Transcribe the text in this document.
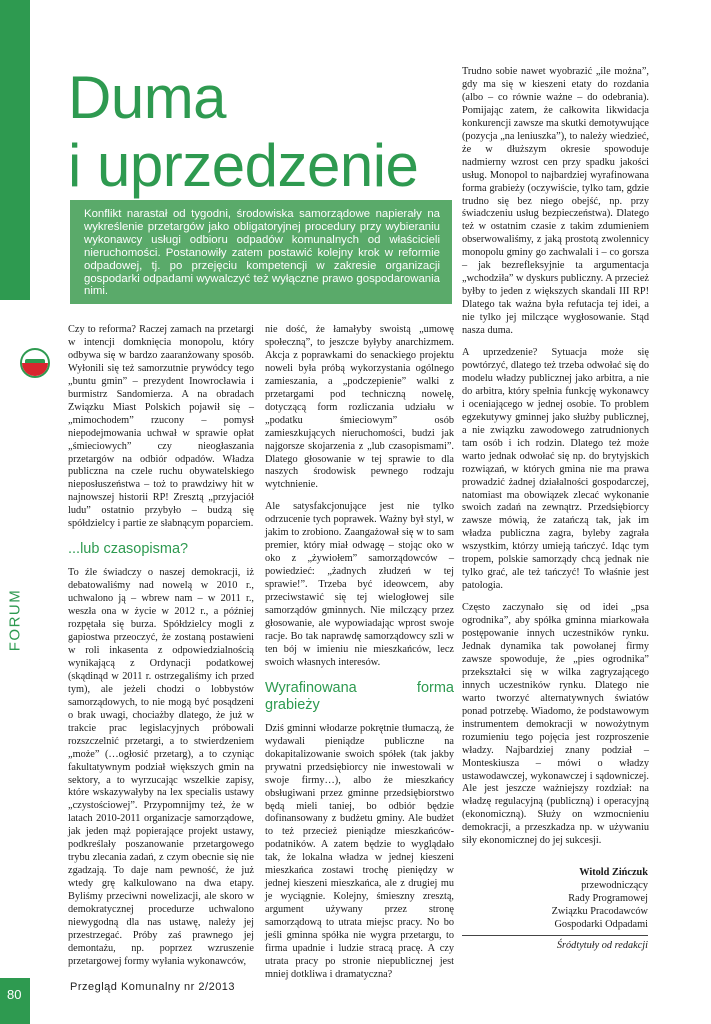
FORUM
Duma
i uprzedzenie
Konflikt narastał od tygodni, środowiska samorządowe napierały na wykreślenie przetargów jako obligatoryjnej procedury przy wybieraniu wykonawcy usługi odbioru odpadów komunalnych od właścicieli nieruchomości. Postanowiły zatem postawić kolejny krok w reformie odpadowej, tj. po przejęciu kompetencji w zakresie organizacji gospodarki odpadami wywalczyć też wyłączne prawo gospodarowania nimi.

Czy to reforma? Raczej zamach na przetargi w intencji domknięcia monopolu, który odbywa się w bardzo zaaranżowany sposób. Wyłonili się też samorzutnie prywódcy tego „buntu gmin” – prezydent Inowrocławia i burmistrz Sandomierza. A na obradach Związku Miast Polskich pojawił się – „mimochodem” rzucony – pomysł niepodejmowania uchwał w sprawie opłat „śmieciowych” czy nieogłaszania przetargów na odbiór odpadów. Władza publiczna na czele ruchu obywatelskiego nieposłuszeństwa – toż to prawdziwy hit w najnowszej historii RP! Zresztą „przyjaciół ludu” ostatnio przybyło – budzą się spółdzielcy i partie ze słabnącym poparciem.

...lub czasopisma?

To źle świadczy o naszej demokracji, iż debatowaliśmy nad nowelą w 2010 r., uchwalono ją – wbrew nam – w 2011 r., weszła ona w życie w 2012 r., a później rozpętała się burza. Spółdzielcy mogli z gapiostwa przeoczyć, że zostaną postawieni w roli inkasenta z odpowiedzialnością wynikającą z Ordynacji podatkowej (skądinąd w 2011 r. ostrzegaliśmy ich przed tym), ale jeżeli chodzi o lobbystów samorządowych, to nie mogą być posądzeni o brak uwagi, chociażby dlatego, że już w trakcie prac legislacyjnych próbowali rozszczelnić przetargi, a to stwierdzeniem „może” (…ogłosić przetarg), a to czyniąc fakultatywnym podział większych gmin na sektory, a to wyrzucając wszelkie zapisy, które wskazywałyby na lex specialis ustawy „czystościowej”. Przypomnijmy też, że w latach 2010-2011 organizacje samorządowe, jak jeden mąż popierające projekt ustawy, podkreślały poszanowanie przetargowego trybu zlecania zadań, z czym obecnie się nie zgadzają. To daje nam pewność, że już wtedy grę kalkulowano na dwa etapy. Byliśmy przeciwni nowelizacji, ale skoro w demokratycznej procedurze uchwalono niewygodną dla nas ustawę, należy jej przestrzegać. Próby zaś prawnego jej demontażu, np. poprzez wzruszenie przetargowej formy wyłania wykonawców,

nie dość, że łamałyby swoistą „umowę społeczną”, to jeszcze byłyby anarchizmem. Akcja z poprawkami do senackiego projektu noweli była próbą wykorzystania ogólnego zamieszania, a „podczepienie” walki z przetargami pod techniczną nowelę, dotyczącą form rozliczania udziału w „podatku śmieciowym” osób zamieszkujących nieruchomości, budzi jak najgorsze skojarzenia z „lub czasopismami”. Dlatego głosowanie w tej sprawie to dla naszych środowisk pewnego rodzaju wytchnienie.

Ale satysfakcjonujące jest nie tylko odrzucenie tych poprawek. Ważny był styl, w jakim to zrobiono. Zaangażował się w to sam premier, który miał odwagę – stojąc oko w oko z „żywiołem” samorządowców – powiedzieć: „żadnych złudzeń w tej sprawie!”. Trzeba być ideowcem, aby przeciwstawić się tej wielogłowej sile samorządów gminnych. Nie milczący przez głosowanie, ale wypowiadając wprost swoje racje. Bo tak naprawdę samorządowcy szli w ten bój w imieniu nie mieszkańców, lecz swoich własnych interesów.

Wyrafinowana forma grabieży

Dziś gminni włodarze pokrętnie tłumaczą, że wydawali pieniądze publiczne na dokapitalizowanie swoich spółek (tak jakby prywatni przedsiębiorcy nie inwestowali w swoje firmy…), albo że mieszkańcy obsługiwani przez gminne przedsiębiorstwo będą mieli taniej, bo odbiór będzie dofinansowany z budżetu gminy. Ale budżet to też przecież pieniądze mieszkańców-podatników. A zatem będzie to wyglądało tak, że lokalna władza w jednej kieszeni mieszkańca zostawi trochę pieniędzy w jednej kieszeni mieszkańca, ale z drugiej mu je wyciągnie. Kolejny, śmieszny zresztą, argument używany przez stronę samorządową to utrata miejsc pracy. No bo jeśli gminna spółka nie wygra przetargu, to firma upadnie i ludzie stracą pracę. A czy utrata pracy po stronie niepublicznej jest mniej dotkliwa i dramatyczna?

Trudno sobie nawet wyobrazić „ile można”, gdy ma się w kieszeni etaty do rozdania (albo – co równie ważne – do odebrania). Pomijając zatem, że całkowita likwidacja konkurencji zawsze ma skutki demotywujące (pozycja „na leniuszka”), to należy wiedzieć, że w dłuższym okresie spowoduje nadmierny wzrost cen przy spadku jakości usług. Monopol to najbardziej wyrafinowana forma grabieży (oczywiście, tylko tam, gdzie trudno się bez niego obejść, np. przy świadczeniu usług bezpieczeństwa). Dlatego też w ostatnim czasie z takim zdumieniem obserwowaliśmy, z jaką prostotą zwolennicy monopolu gminy go zachwalali i – co gorsza – jak bezrefleksyjnie ta argumentacja „wchodziła” w dyskurs publiczny. A przecież byłby to jeden z większych skandali III RP! Dlatego tak ważna była refutacja tej idei, a nie tylko jej milczące wygłosowanie. Stąd nasza duma.

A uprzedzenie? Sytuacja może się powtórzyć, dlatego też trzeba odwołać się do modelu władzy publicznej jako arbitra, a nie do arbitra, który spełnia funkcję wykonawcy i oceniającego w jednej osobie. To problem egzekutywy gminnej jako służby publicznej, a nie związku zawodowego zatrudnionych tam osób i ich rodzin. Dlatego też może warto jednak odwołać się np. do brytyjskich rozwiązań, w których gmina nie ma prawa prowadzić żadnej działalności gospodarczej, natomiast ma obowiązek zlecać wykonanie swoich zadań na zewnątrz. Przedsiębiorcy zawsze mówią, że zatańczą tak, jak im władza publiczna zagra, byleby zagrała wszystkim, którzy umieją tańczyć. Idąc tym tropem, polskie samorządy chcą jednak nie tylko grać, ale też tańczyć! To właśnie jest patologia.

Często zaczynało się od idei „psa ogrodnika”, aby spółka gminna miarkowała postępowanie innych uczestników rynku. Jednak dynamika tak powołanej firmy zawsze spowoduje, że „pies ogrodnika” przekształci się w wilka zagryzającego innych uczestników rynku. Dlatego nie warto tworzyć alternatywnych światów ponad potrzebę. Wiadomo, że podstawowym instrumentem demokracji w nowożytnym rozumieniu tego pojęcia jest rozproszenie władzy. Najbardziej znany podział – Monteskiusza – mówi o władzy ustawodawczej, wykonawczej i sądowniczej. Ale jest jeszcze ważniejszy rozdział: na władzę regulacyjną (publiczną) i operacyjną (ekonomiczną). Służy on wzmocnieniu demokracji, a przeszkadza np. w używaniu siły ekonomicznej do jej sukcesji.

Witold Zińczuk
przewodniczący
Rady Programowej
Związku Pracodawców
Gospodarki Odpadami
Śródtytuły od redakcji
80	Przegląd Komunalny nr 2/2013
